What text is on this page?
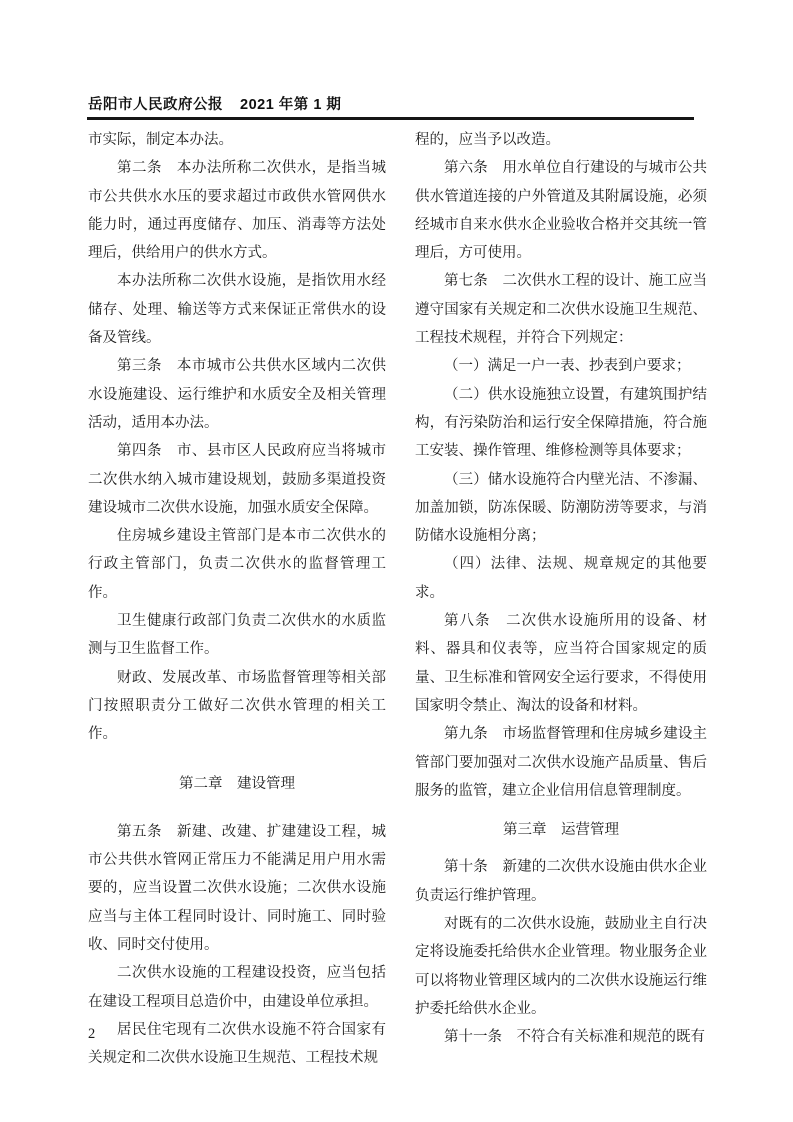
岳阳市人民政府公报 2021 年第 1 期

市实际，制定本办法。

第二条　本办法所称二次供水，是指当城市公共供水水压的要求超过市政供水管网供水能力时，通过再度储存、加压、消毒等方法处理后，供给用户的供水方式。

本办法所称二次供水设施，是指饮用水经储存、处理、输送等方式来保证正常供水的设备及管线。

第三条　本市城市公共供水区域内二次供水设施建设、运行维护和水质安全及相关管理活动，适用本办法。

第四条　市、县市区人民政府应当将城市二次供水纳入城市建设规划，鼓励多渠道投资建设城市二次供水设施，加强水质安全保障。

住房城乡建设主管部门是本市二次供水的行政主管部门，负责二次供水的监督管理工作。

卫生健康行政部门负责二次供水的水质监测与卫生监督工作。

财政、发展改革、市场监督管理等相关部门按照职责分工做好二次供水管理的相关工作。

第二章　建设管理

第五条　新建、改建、扩建建设工程，城市公共供水管网正常压力不能满足用户用水需要的，应当设置二次供水设施；二次供水设施应当与主体工程同时设计、同时施工、同时验收、同时交付使用。

二次供水设施的工程建设投资，应当包括在建设工程项目总造价中，由建设单位承担。

居民住宅现有二次供水设施不符合国家有关规定和二次供水设施卫生规范、工程技术规

程的，应当予以改造。

第六条　用水单位自行建设的与城市公共供水管道连接的户外管道及其附属设施，必须经城市自来水供水企业验收合格并交其统一管理后，方可使用。

第七条　二次供水工程的设计、施工应当遵守国家有关规定和二次供水设施卫生规范、工程技术规程，并符合下列规定：

（一）满足一户一表、抄表到户要求；

（二）供水设施独立设置，有建筑围护结构，有污染防治和运行安全保障措施，符合施工安装、操作管理、维修检测等具体要求；

（三）储水设施符合内壁光洁、不渗漏、加盖加锁，防冻保暖、防潮防涝等要求，与消防储水设施相分离；

（四）法律、法规、规章规定的其他要求。

第八条　二次供水设施所用的设备、材料、器具和仪表等，应当符合国家规定的质量、卫生标准和管网安全运行要求，不得使用国家明令禁止、淘汰的设备和材料。

第九条　市场监督管理和住房城乡建设主管部门要加强对二次供水设施产品质量、售后服务的监管，建立企业信用信息管理制度。

第三章　运营管理

第十条　新建的二次供水设施由供水企业负责运行维护管理。

对既有的二次供水设施，鼓励业主自行决定将设施委托给供水企业管理。物业服务企业可以将物业管理区域内的二次供水设施运行维护委托给供水企业。

第十一条　不符合有关标准和规范的既有

2
